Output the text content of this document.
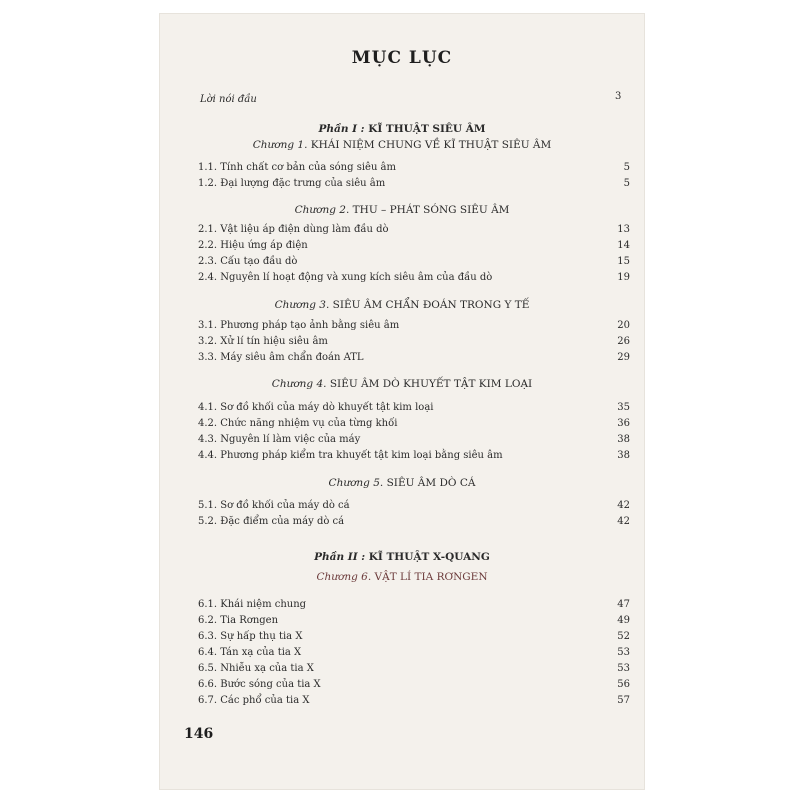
MỤC LỤC
Lời nói đầu	3
Phần I : KĨ THUẬT SIÊU ÂM
Chương 1. KHÁI NIỆM CHUNG VỀ KĨ THUẬT SIÊU ÂM
1.1. Tính chất cơ bản của sóng siêu âm	5
1.2. Đại lượng đặc trưng của siêu âm	5
Chương 2. THU – PHÁT SÓNG SIÊU ÂM
2.1. Vật liệu áp điện dùng làm đầu dò	13
2.2. Hiệu ứng áp điện	14
2.3. Cấu tạo đầu dò	15
2.4. Nguyên lí hoạt động và xung kích siêu âm của đầu dò	19
Chương 3. SIÊU ÂM CHẨN ĐOÁN TRONG Y TẾ
3.1. Phương pháp tạo ảnh bằng siêu âm	20
3.2. Xử lí tín hiệu siêu âm	26
3.3. Máy siêu âm chẩn đoán ATL	29
Chương 4. SIÊU ÂM DÒ KHUYẾT TẬT KIM LOẠI
4.1. Sơ đồ khối của máy dò khuyết tật kim loại	35
4.2. Chức năng nhiệm vụ của từng khối	36
4.3. Nguyên lí làm việc của máy	38
4.4. Phương pháp kiểm tra khuyết tật kim loại bằng siêu âm	38
Chương 5. SIÊU ÂM DÒ CÁ
5.1. Sơ đồ khối của máy dò cá	42
5.2. Đặc điểm của máy dò cá	42
Phần II : KĨ THUẬT X-QUANG
Chương 6. VẬT LÍ TIA RƠNGEN
6.1. Khái niệm chung	47
6.2. Tia Rơngen	49
6.3. Sự hấp thụ tia X	52
6.4. Tán xạ của tia X	53
6.5. Nhiễu xạ của tia X	53
6.6. Bước sóng của tia X	56
6.7. Các phổ của tia X	57
146
